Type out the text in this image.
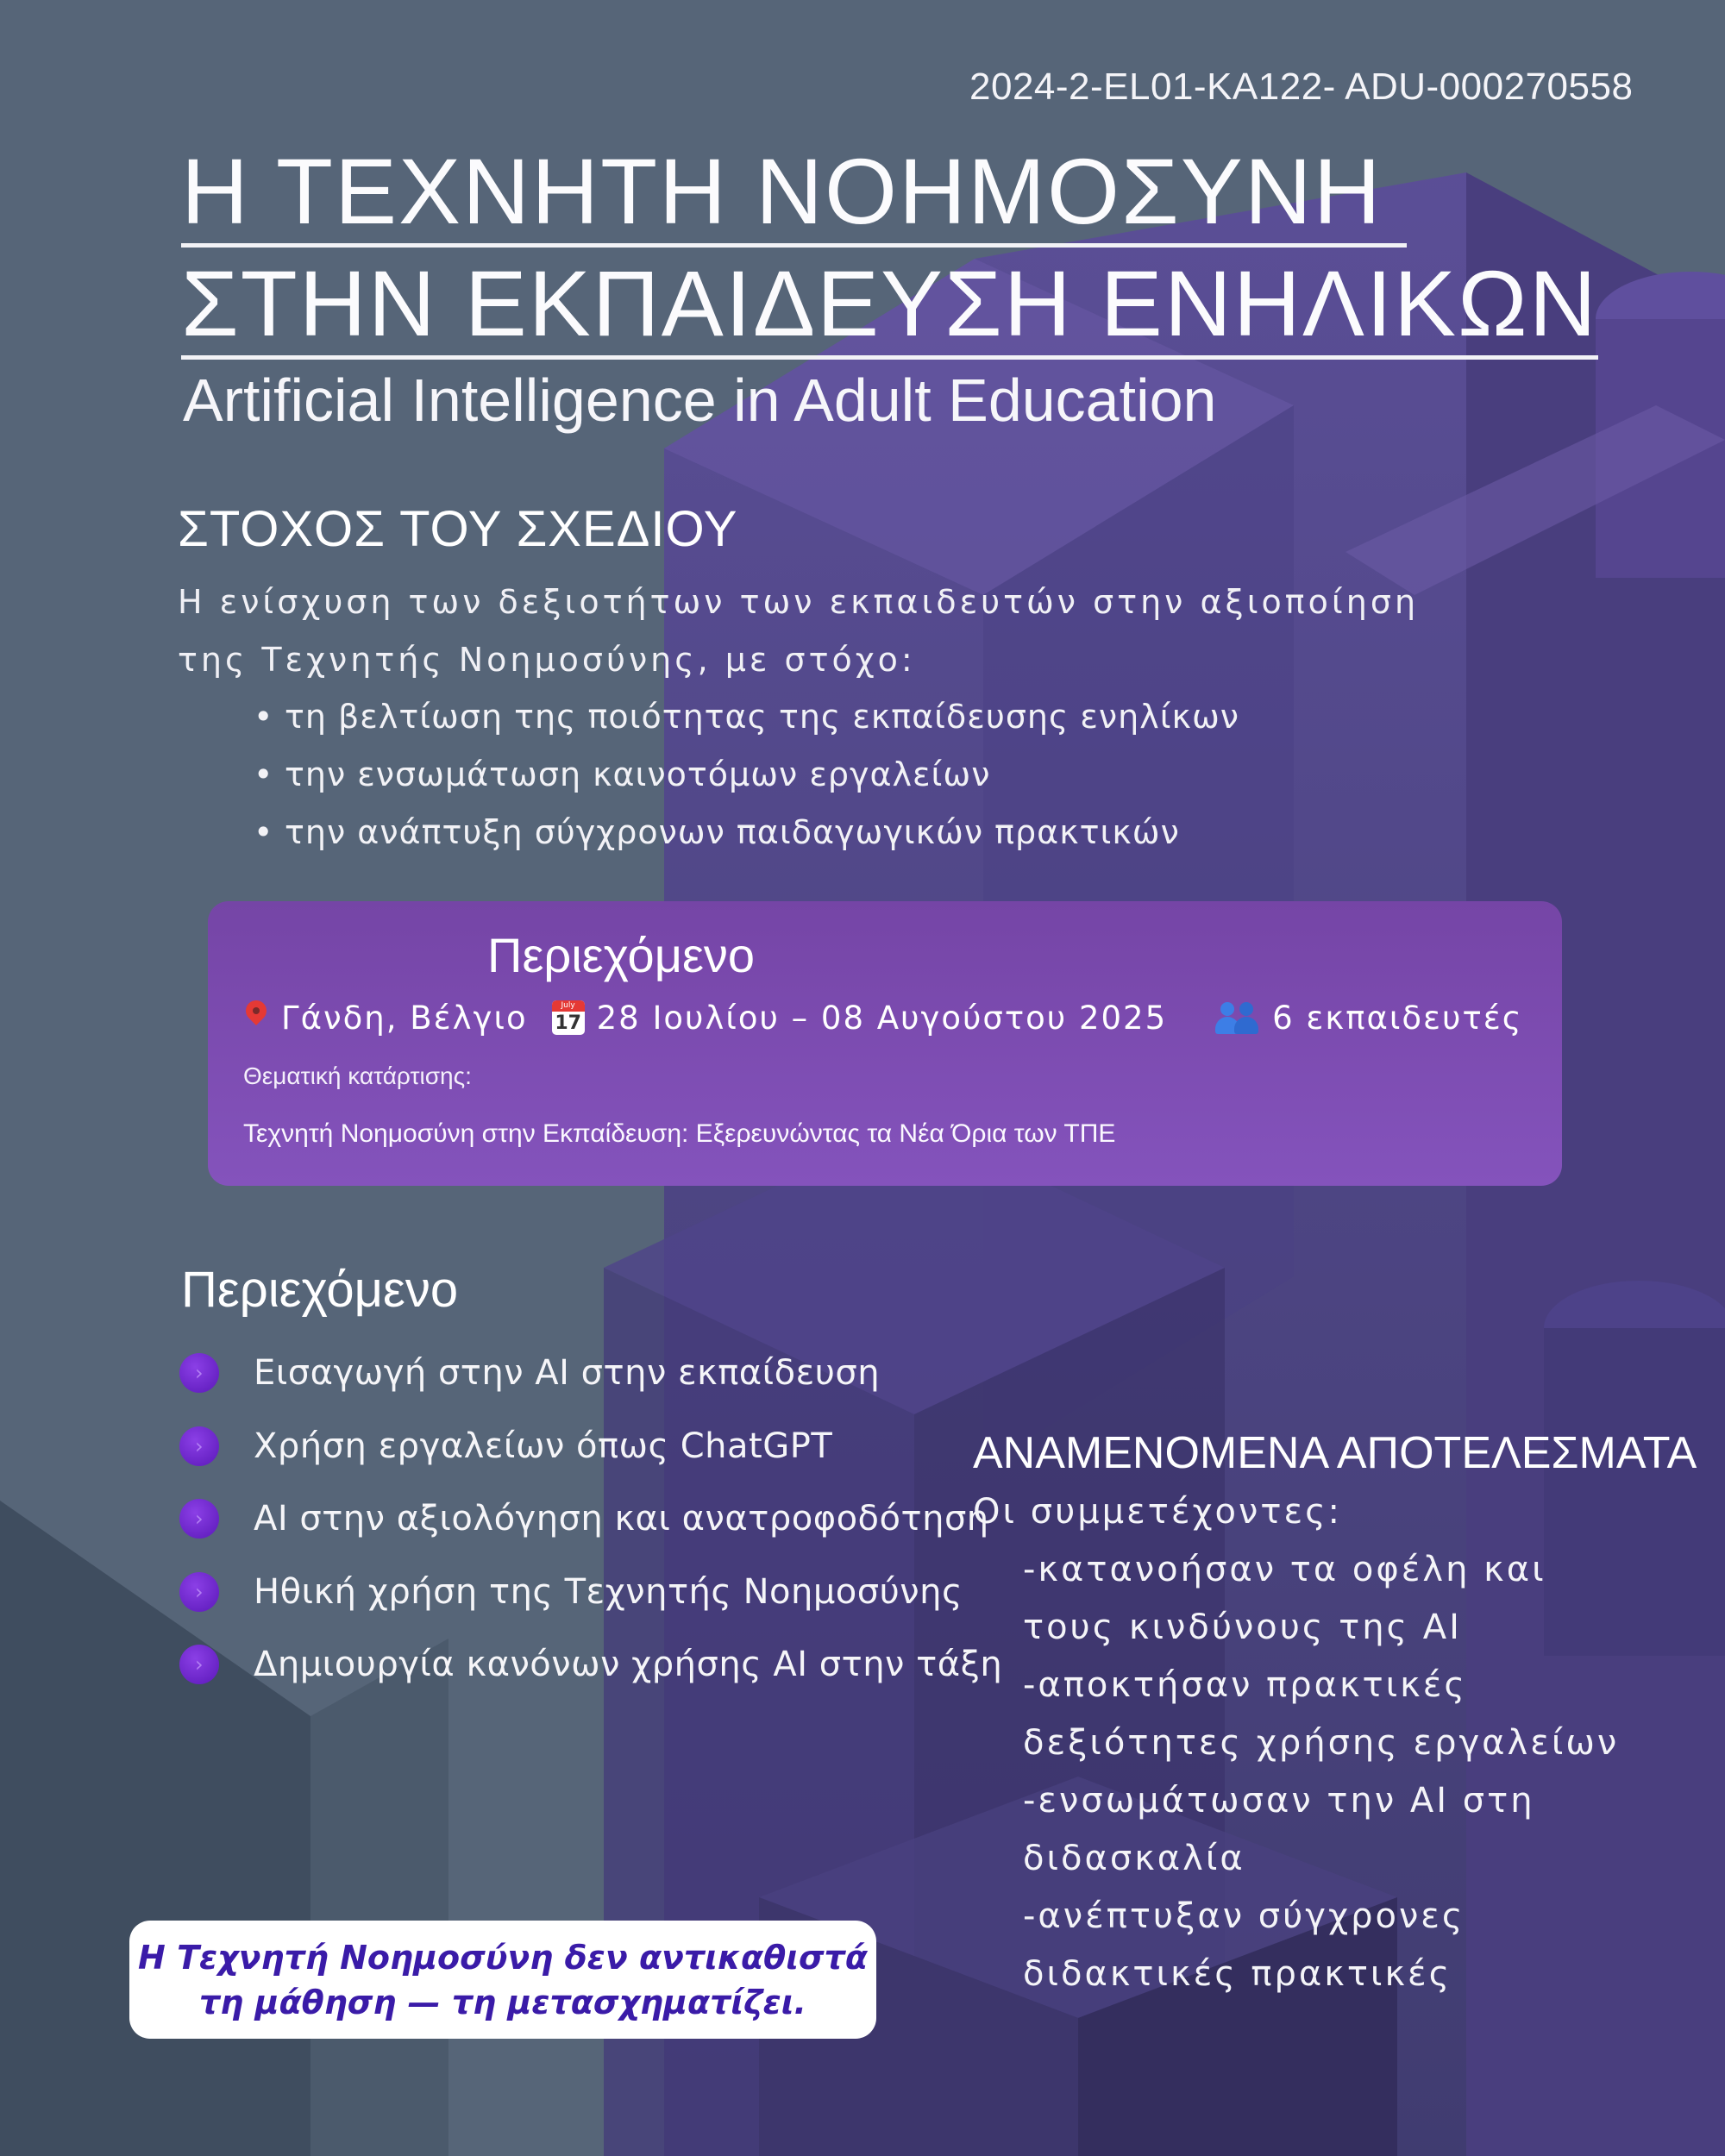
2024-2-EL01-KA122- ADU-000270558
Η ΤΕΧΝΗΤΗ ΝΟΗΜΟΣΥΝΗ
ΣΤΗΝ ΕΚΠΑΙΔΕΥΣΗ ΕΝΗΛΙΚΩΝ
Artificial Intelligence in Adult Education
ΣΤΟΧΟΣ ΤΟΥ ΣΧΕΔΙΟΥ
Η ενίσχυση των δεξιοτήτων των εκπαιδευτών στην αξιοποίηση
της Τεχνητής Νοημοσύνης, με στόχο:
• τη βελτίωση της ποιότητας της εκπαίδευσης ενηλίκων
• την ενσωμάτωση καινοτόμων εργαλείων
• την ανάπτυξη σύγχρονων παιδαγωγικών πρακτικών
Περιεχόμενο
Γάνδη, Βέλγιο	July
17 28 Ιουλίου – 08 Αυγούστου 2025	6 εκπαιδευτές
Θεματική κατάρτισης:
Τεχνητή Νοημοσύνη στην Εκπαίδευση: Εξερευνώντας τα Νέα Όρια των ΤΠΕ
Περιεχόμενο
›	Εισαγωγή στην AI στην εκπαίδευση
›	Χρήση εργαλείων όπως ChatGPT
›	AI στην αξιολόγηση και ανατροφοδότηση
›	Ηθική χρήση της Τεχνητής Νοημοσύνης
›	Δημιουργία κανόνων χρήσης AI στην τάξη
ΑΝΑΜΕΝΟΜΕΝΑ ΑΠΟΤΕΛΕΣΜΑΤΑ
Οι συμμετέχοντες:
-κατανοήσαν τα οφέλη και
τους κινδύνους της AI
-αποκτήσαν πρακτικές
δεξιότητες χρήσης εργαλείων
-ενσωμάτωσαν την AI στη
διδασκαλία
-ανέπτυξαν σύγχρονες
διδακτικές πρακτικές
Η Τεχνητή Νοημοσύνη δεν αντικαθιστά
τη μάθηση — τη μετασχηματίζει.
